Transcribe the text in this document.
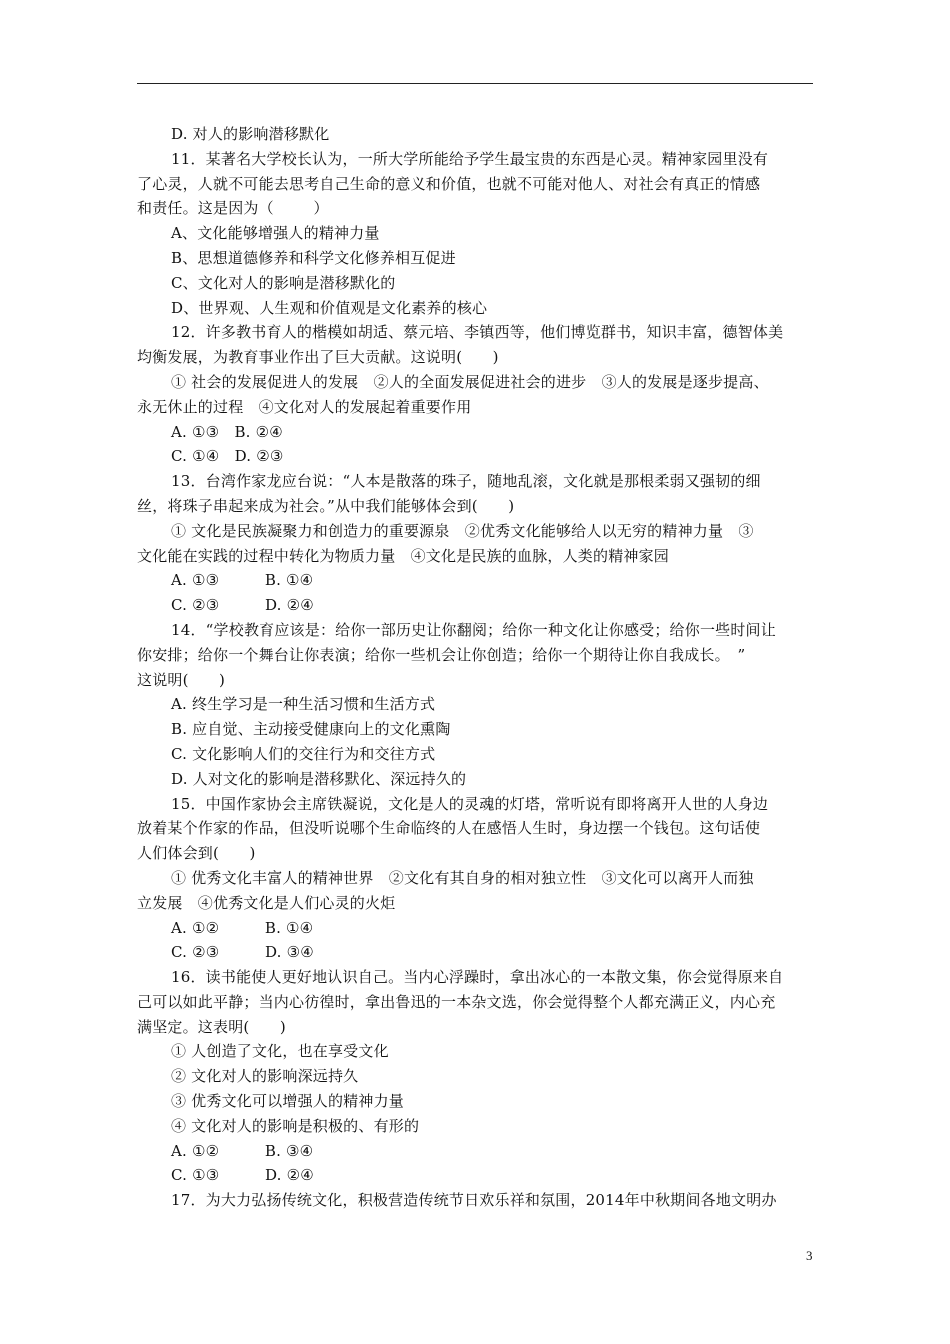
D. 对人的影响潜移默化
11．某著名大学校长认为，一所大学所能给予学生最宝贵的东西是心灵。精神家园里没有
了心灵，人就不可能去思考自己生命的意义和价值，也就不可能对他人、对社会有真正的情感
和责任。这是因为（        ）
A、文化能够增强人的精神力量
B、思想道德修养和科学文化修养相互促进
C、文化对人的影响是潜移默化的
D、世界观、人生观和价值观是文化素养的核心
12．许多教书育人的楷模如胡适、蔡元培、李镇西等，他们博览群书，知识丰富，德智体美
均衡发展，为教育事业作出了巨大贡献。这说明(　　)
① 社会的发展促进人的发展　②人的全面发展促进社会的进步　③人的发展是逐步提高、
永无休止的过程　④文化对人的发展起着重要作用
A. ①③　B. ②④
C. ①④　D. ②③
13．台湾作家龙应台说：“人本是散落的珠子，随地乱滚，文化就是那根柔弱又强韧的细
丝，将珠子串起来成为社会。”从中我们能够体会到(　　)
① 文化是民族凝聚力和创造力的重要源泉　②优秀文化能够给人以无穷的精神力量　③
文化能在实践的过程中转化为物质力量　④文化是民族的血脉，人类的精神家园
A. ①③　　　B. ①④
C. ②③　　　D. ②④
14．“学校教育应该是：给你一部历史让你翻阅；给你一种文化让你感受；给你一些时间让
你安排；给你一个舞台让你表演；给你一些机会让你创造；给你一个期待让你自我成长。　”
这说明(　　)
A. 终生学习是一种生活习惯和生活方式
B. 应自觉、主动接受健康向上的文化熏陶
C. 文化影响人们的交往行为和交往方式
D. 人对文化的影响是潜移默化、深远持久的
15．中国作家协会主席铁凝说，文化是人的灵魂的灯塔，常听说有即将离开人世的人身边
放着某个作家的作品，但没听说哪个生命临终的人在感悟人生时，身边摆一个钱包。这句话使
人们体会到(　　)
① 优秀文化丰富人的精神世界　②文化有其自身的相对独立性　③文化可以离开人而独
立发展　④优秀文化是人们心灵的火炬
A. ①②　　　B. ①④
C. ②③　　　D. ③④
16．读书能使人更好地认识自己。当内心浮躁时，拿出冰心的一本散文集，你会觉得原来自
己可以如此平静；当内心彷徨时，拿出鲁迅的一本杂文选，你会觉得整个人都充满正义，内心充
满坚定。这表明(　　)
① 人创造了文化，也在享受文化
② 文化对人的影响深远持久
③ 优秀文化可以增强人的精神力量
④ 文化对人的影响是积极的、有形的
A. ①②　　　B. ③④
C. ①③　　　D. ②④
17．为大力弘扬传统文化，积极营造传统节日欢乐祥和氛围，2014年中秋期间各地文明办
3
